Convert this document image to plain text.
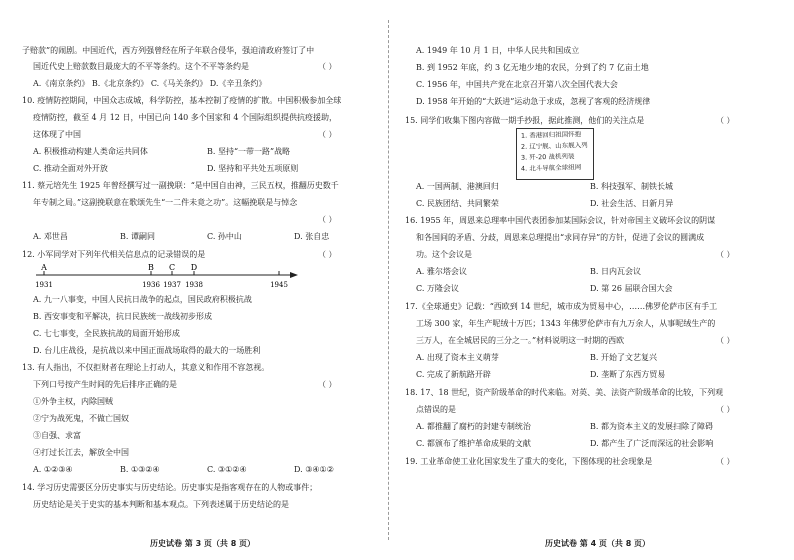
子赔款”的闹剧。中国近代，西方列强曾经在所子年联合侵华，强迫清政府签订了中
国近代史上赔款数目最庞大的不平等条约。这个不平等条约是	（ ）
A.《南京条约》 B.《北京条约》 C.《马关条约》 D.《辛丑条约》
10. 疫情防控期间，中国众志成城，科学防控，基本控制了疫情的扩散。中国积极参加全球
疫情防控，截至 4 月 12 日，中国已向 140 多个国家和 4 个国际组织提供抗疫援助，
这体现了中国	（ ）
A. 积极推动构建人类命运共同体	B. 坚持“一带一路”战略
C. 推动全面对外开放	D. 坚持和平共处五项原则
11. 蔡元培先生 1925 年曾经撰写过一副挽联：“是中国自由神，三民五权，推翻历史数千
年专制之局。”这副挽联意在歌颂先生“一二件未竟之功”。这幅挽联是与悼念
（ ）
A. 邓世昌	B. 谭嗣同	C. 孙中山	D. 张自忠
12. 小军同学对下列年代相关信息点的记录错误的是	（ ）
A	B C D
1931	1936 1937 1938	1945
A. 九一八事变，中国人民抗日战争的起点，国民政府积极抗战
B. 西安事变和平解决，抗日民族统一战线初步形成
C. 七七事变，全民族抗战的局面开始形成
D. 台儿庄战役，是抗战以来中国正面战场取得的最大的一场胜利
13. 有人指出，不仅拒财者在理论上打动人，其意义和作用不容忽视。
下列口号按产生时间的先后排序正确的是	（ ）
①外争主权，内除国贼
②宁为战死鬼，不做亡国奴
③自强、求富
④打过长江去，解放全中国
A. ①②③④	B. ①③②④	C. ③①②④	D. ③④①②
14. 学习历史需要区分历史事实与历史结论。历史事实是指客观存在的人物或事件；
历史结论是关于史实的基本判断和基本观点。下列表述属于历史结论的是
历史试卷 第 3 页（共 8 页）
A. 1949 年 10 月 1 日，中华人民共和国成立
B. 到 1952 年底，约 3 亿无地少地的农民，分到了约 7 亿亩土地
C. 1956 年，中国共产党在北京召开第八次全国代表大会
D. 1958 年开始的“大跃进”运动急于求成，忽视了客观的经济规律
15. 同学们收集下图内容做一期手抄报，据此推测，他们的关注点是	（ ）
1. 香港回归祖国怀抱
2. 辽宁舰、山东舰入列
3. 歼-20 战机列装
4. 北斗导航全球组网
A. 一国两制、港澳回归	B. 科技强军、制铁长城
C. 民族团结、共同繁荣	D. 社会生活、日新月异
16. 1955 年，周恩来总理率中国代表团参加某国际会议，针对帝国主义破坏会议的阴谋
和各国间的矛盾、分歧，周恩来总理提出“求同存异”的方针，促进了会议的圆满成
功。这个会议是	（ ）
A. 雅尔塔会议	B. 日内瓦会议
C. 万隆会议	D. 第 26 届联合国大会
17.《全球通史》记载：“西欧到 14 世纪，城市成为贸易中心，……佛罗伦萨市区有手工
工场 300 家，年生产呢绒十万匹；1343 年佛罗伦萨市有九万余人，从事呢绒生产的
三万人，在全城居民的三分之一。”材料说明这一时期的西欧	（ ）
A. 出现了资本主义萌芽	B. 开始了文艺复兴
C. 完成了新航路开辟	D. 垄断了东西方贸易
18. 17、18 世纪，资产阶级革命的时代来临。对英、美、法资产阶级革命的比较，下列观
点错误的是	（ ）
A. 都推翻了腐朽的封建专制统治	B. 都为资本主义的发展扫除了障碍
C. 都颁布了维护革命成果的文献	D. 都产生了广泛而深远的社会影响
19. 工业革命使工业化国家发生了重大的变化，下图体现的社会现象是	（ ）
历史试卷 第 4 页（共 8 页）
